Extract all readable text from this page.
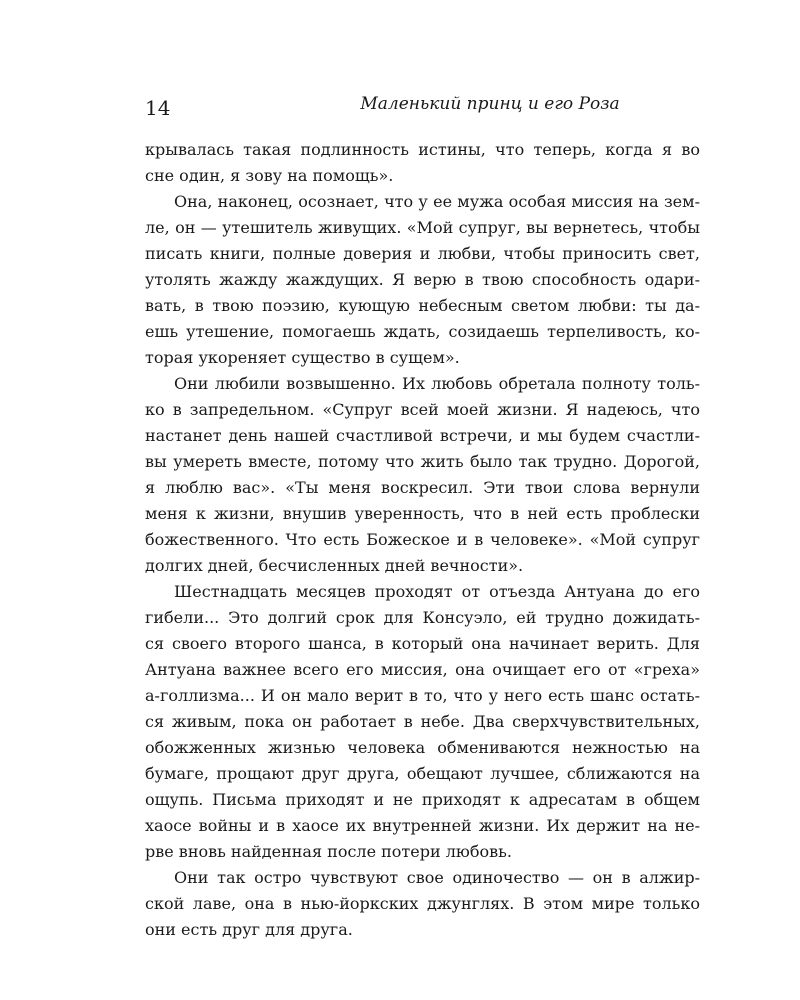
14	Маленький принц и его Роза
крывалась такая подлинность истины, что теперь, когда я во
сне один, я зову на помощь».
Она, наконец, осознает, что у ее мужа особая миссия на зем-
ле, он — утешитель живущих. «Мой супруг, вы вернетесь, чтобы
писать книги, полные доверия и любви, чтобы приносить свет,
утолять жажду жаждущих. Я верю в твою способность одари-
вать, в твою поэзию, кующую небесным светом любви: ты да-
ешь утешение, помогаешь ждать, созидаешь терпеливость, ко-
торая укореняет существо в сущем».
Они любили возвышенно. Их любовь обретала полноту толь-
ко в запредельном. «Супруг всей моей жизни. Я надеюсь, что
настанет день нашей счастливой встречи, и мы будем счастли-
вы умереть вместе, потому что жить было так трудно. Дорогой,
я люблю вас». «Ты меня воскресил. Эти твои слова вернули
меня к жизни, внушив уверенность, что в ней есть проблески
божественного. Что есть Божеское и в человеке». «Мой супруг
долгих дней, бесчисленных дней вечности».
Шестнадцать месяцев проходят от отъезда Антуана до его
гибели... Это долгий срок для Консуэло, ей трудно дожидать-
ся своего второго шанса, в который она начинает верить. Для
Антуана важнее всего его миссия, она очищает его от «греха»
а-голлизма... И он мало верит в то, что у него есть шанс остать-
ся живым, пока он работает в небе. Два сверхчувствительных,
обожженных жизнью человека обмениваются нежностью на
бумаге, прощают друг друга, обещают лучшее, сближаются на
ощупь. Письма приходят и не приходят к адресатам в общем
хаосе войны и в хаосе их внутренней жизни. Их держит на не-
рве вновь найденная после потери любовь.
Они так остро чувствуют свое одиночество — он в алжир-
ской лаве, она в нью-йоркских джунглях. В этом мире только
они есть друг для друга.
